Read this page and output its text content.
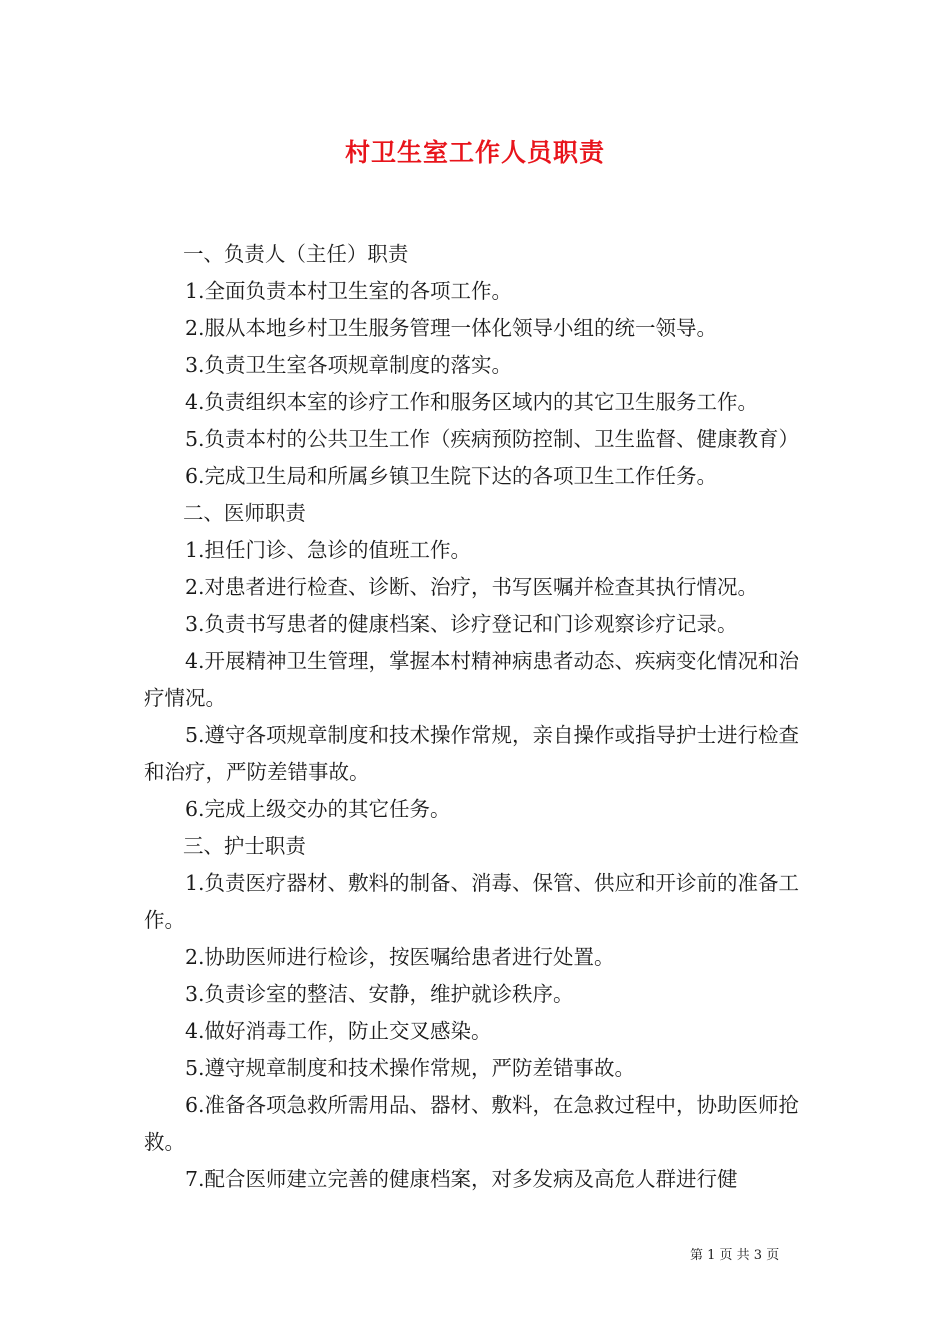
村卫生室工作人员职责

一、负责人（主任）职责

1.全面负责本村卫生室的各项工作。

2.服从本地乡村卫生服务管理一体化领导小组的统一领导。

3.负责卫生室各项规章制度的落实。

4.负责组织本室的诊疗工作和服务区域内的其它卫生服务工作。

5.负责本村的公共卫生工作（疾病预防控制、卫生监督、健康教育）

6.完成卫生局和所属乡镇卫生院下达的各项卫生工作任务。

二、医师职责

1.担任门诊、急诊的值班工作。

2.对患者进行检查、诊断、治疗，书写医嘱并检查其执行情况。

3.负责书写患者的健康档案、诊疗登记和门诊观察诊疗记录。

4.开展精神卫生管理，掌握本村精神病患者动态、疾病变化情况和治疗情况。

5.遵守各项规章制度和技术操作常规，亲自操作或指导护士进行检查和治疗，严防差错事故。

6.完成上级交办的其它任务。

三、护士职责

1.负责医疗器材、敷料的制备、消毒、保管、供应和开诊前的准备工作。

2.协助医师进行检诊，按医嘱给患者进行处置。

3.负责诊室的整洁、安静，维护就诊秩序。

4.做好消毒工作，防止交叉感染。

5.遵守规章制度和技术操作常规，严防差错事故。

6.准备各项急救所需用品、器材、敷料，在急救过程中，协助医师抢救。

7.配合医师建立完善的健康档案，对多发病及高危人群进行健

第 1 页 共 3 页
